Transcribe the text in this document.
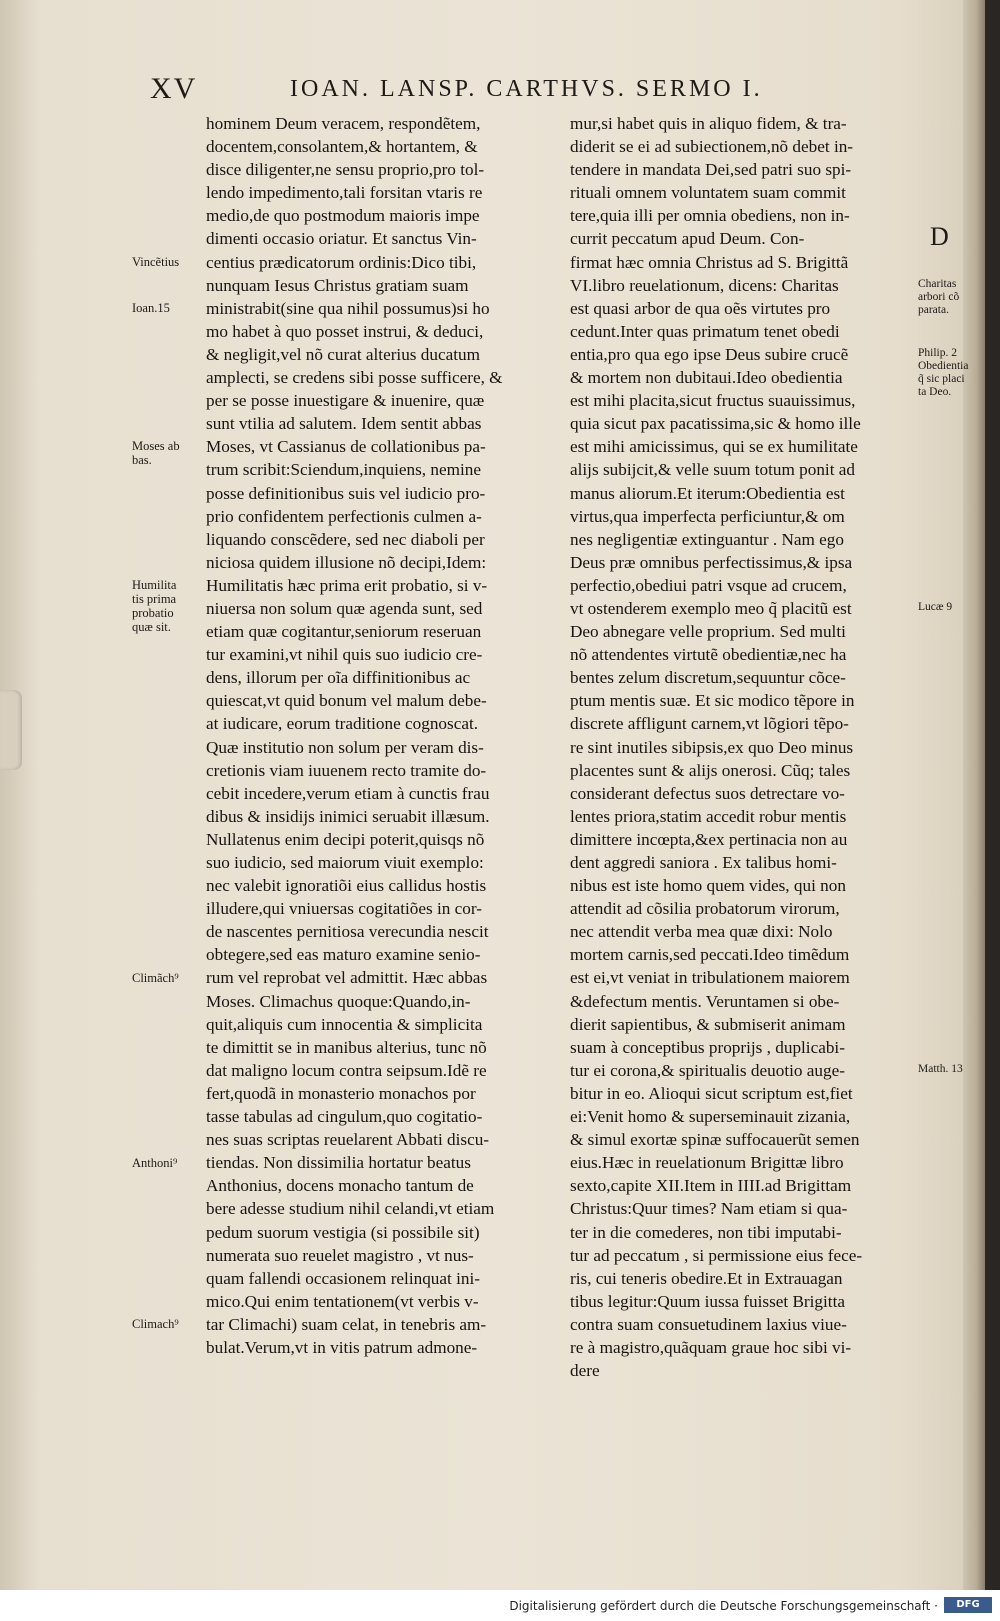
XV	IOAN. LANSP. CARTHVS. SERMO I.
hominem Deum veracem, respondẽtem,
docentem,consolantem,& hortantem, &
disce diligenter,ne sensu proprio,pro tol-
lendo impedimento,tali forsitan vtaris re
medio,de quo postmodum maioris impe
dimenti occasio oriatur. Et sanctus Vin-
centius prædicatorum ordinis:Dico tibi,
nunquam Iesus Christus gratiam suam
ministrabit(sine qua nihil possumus)si ho
mo habet à quo posset instrui, & deduci,
& negligit,vel nõ curat alterius ducatum
amplecti, se credens sibi posse sufficere, &
per se posse inuestigare & inuenire, quæ
sunt vtilia ad salutem. Idem sentit abbas
Moses, vt Cassianus de collationibus pa-
trum scribit:Sciendum,inquiens, nemine
posse definitionibus suis vel iudicio pro-
prio confidentem perfectionis culmen a-
liquando conscẽdere, sed nec diaboli per
niciosa quidem illusione nõ decipi,Idem:
Humilitatis hæc prima erit probatio, si v-
niuersa non solum quæ agenda sunt, sed
etiam quæ cogitantur,seniorum reseruan
tur examini,vt nihil quis suo iudicio cre-
dens, illorum per oĩa diffinitionibus ac
quiescat,vt quid bonum vel malum debe-
at iudicare, eorum traditione cognoscat.
Quæ institutio non solum per veram dis-
cretionis viam iuuenem recto tramite do-
cebit incedere,verum etiam à cunctis frau
dibus & insidijs inimici seruabit illæsum.
Nullatenus enim decipi poterit,quisqs nõ
suo iudicio, sed maiorum viuit exemplo:
nec valebit ignoratiõi eius callidus hostis
illudere,qui vniuersas cogitatiões in cor-
de nascentes pernitiosa verecundia nescit
obtegere,sed eas maturo examine senio-
rum vel reprobat vel admittit. Hæc abbas
Moses. Climachus quoque:Quando,in-
quit,aliquis cum innocentia & simplicita
te dimittit se in manibus alterius, tunc nõ
dat maligno locum contra seipsum.Idẽ re
fert,quodã in monasterio monachos por
tasse tabulas ad cingulum,quo cogitatio-
nes suas scriptas reuelarent Abbati discu-
tiendas. Non dissimilia hortatur beatus
Anthonius, docens monacho tantum de
bere adesse studium nihil celandi,vt etiam
pedum suorum vestigia (si possibile sit)
numerata suo reuelet magistro , vt nus-
quam fallendi occasionem relinquat ini-
mico.Qui enim tentationem(vt verbis v-
tar Climachi) suam celat, in tenebris am-
bulat.Verum,vt in vitis patrum admone-
mur,si habet quis in aliquo fidem, & tra-
diderit se ei ad subiectionem,nõ debet in-
tendere in mandata Dei,sed patri suo spi-
rituali omnem voluntatem suam commit
tere,quia illi per omnia obediens, non in-
currit peccatum apud Deum. Con-
firmat hæc omnia Christus ad S. Brigittã
VI.libro reuelationum, dicens: Charitas
est quasi arbor de qua oẽs virtutes pro
cedunt.Inter quas primatum tenet obedi
entia,pro qua ego ipse Deus subire crucẽ
& mortem non dubitaui.Ideo obedientia
est mihi placita,sicut fructus suauissimus,
quia sicut pax pacatissima,sic & homo ille
est mihi amicissimus, qui se ex humilitate
alijs subijcit,& velle suum totum ponit ad
manus aliorum.Et iterum:Obedientia est
virtus,qua imperfecta perficiuntur,& om
nes negligentiæ extinguantur . Nam ego
Deus præ omnibus perfectissimus,& ipsa
perfectio,obediui patri vsque ad crucem,
vt ostenderem exemplo meo q̃ placitũ est
Deo abnegare velle proprium. Sed multi
nõ attendentes virtutẽ obedientiæ,nec ha
bentes zelum discretum,sequuntur cõce-
ptum mentis suæ. Et sic modico tẽpore in
discrete affligunt carnem,vt lõgiori tẽpo-
re sint inutiles sibipsis,ex quo Deo minus
placentes sunt & alijs onerosi. Cũq; tales
considerant defectus suos detrectare vo-
lentes priora,statim accedit robur mentis
dimittere incœpta,&ex pertinacia non au
dent aggredi saniora . Ex talibus homi-
nibus est iste homo quem vides, qui non
attendit ad cõsilia probatorum virorum,
nec attendit verba mea quæ dixi: Nolo
mortem carnis,sed peccati.Ideo timẽdum
est ei,vt veniat in tribulationem maiorem
&defectum mentis. Veruntamen si obe-
dierit sapientibus, & submiserit animam
suam à conceptibus proprijs , duplicabi-
tur ei corona,& spiritualis deuotio auge-
bitur in eo. Alioqui sicut scriptum est,fiet
ei:Venit homo & superseminauit zizania,
& simul exortæ spinæ suffocauerũt semen
eius.Hæc in reuelationum Brigittæ libro
sexto,capite XII.Item in IIII.ad Brigittam
Christus:Quur times? Nam etiam si qua-
ter in die comederes, non tibi imputabi-
tur ad peccatum , si permissione eius fece-
ris, cui teneris obedire.Et in Extrauagan
tibus legitur:Quum iussa fuisset Brigitta
contra suam consuetudinem laxius viue-
re à magistro,quãquam graue hoc sibi vi-
dere
Vincẽtius
Ioan.15
Moses ab
bas.
Humilita
tis prima
probatio
quæ sit.
Climãch⁹
Anthoni⁹
Climach⁹
D
Charitas
arbori cõ
parata.
Philip. 2
Obedientia
q̃ sic placi
ta Deo.
Lucæ 9
Matth. 13
Digitalisierung gefördert durch die Deutsche Forschungsgemeinschaft ·	DFG
